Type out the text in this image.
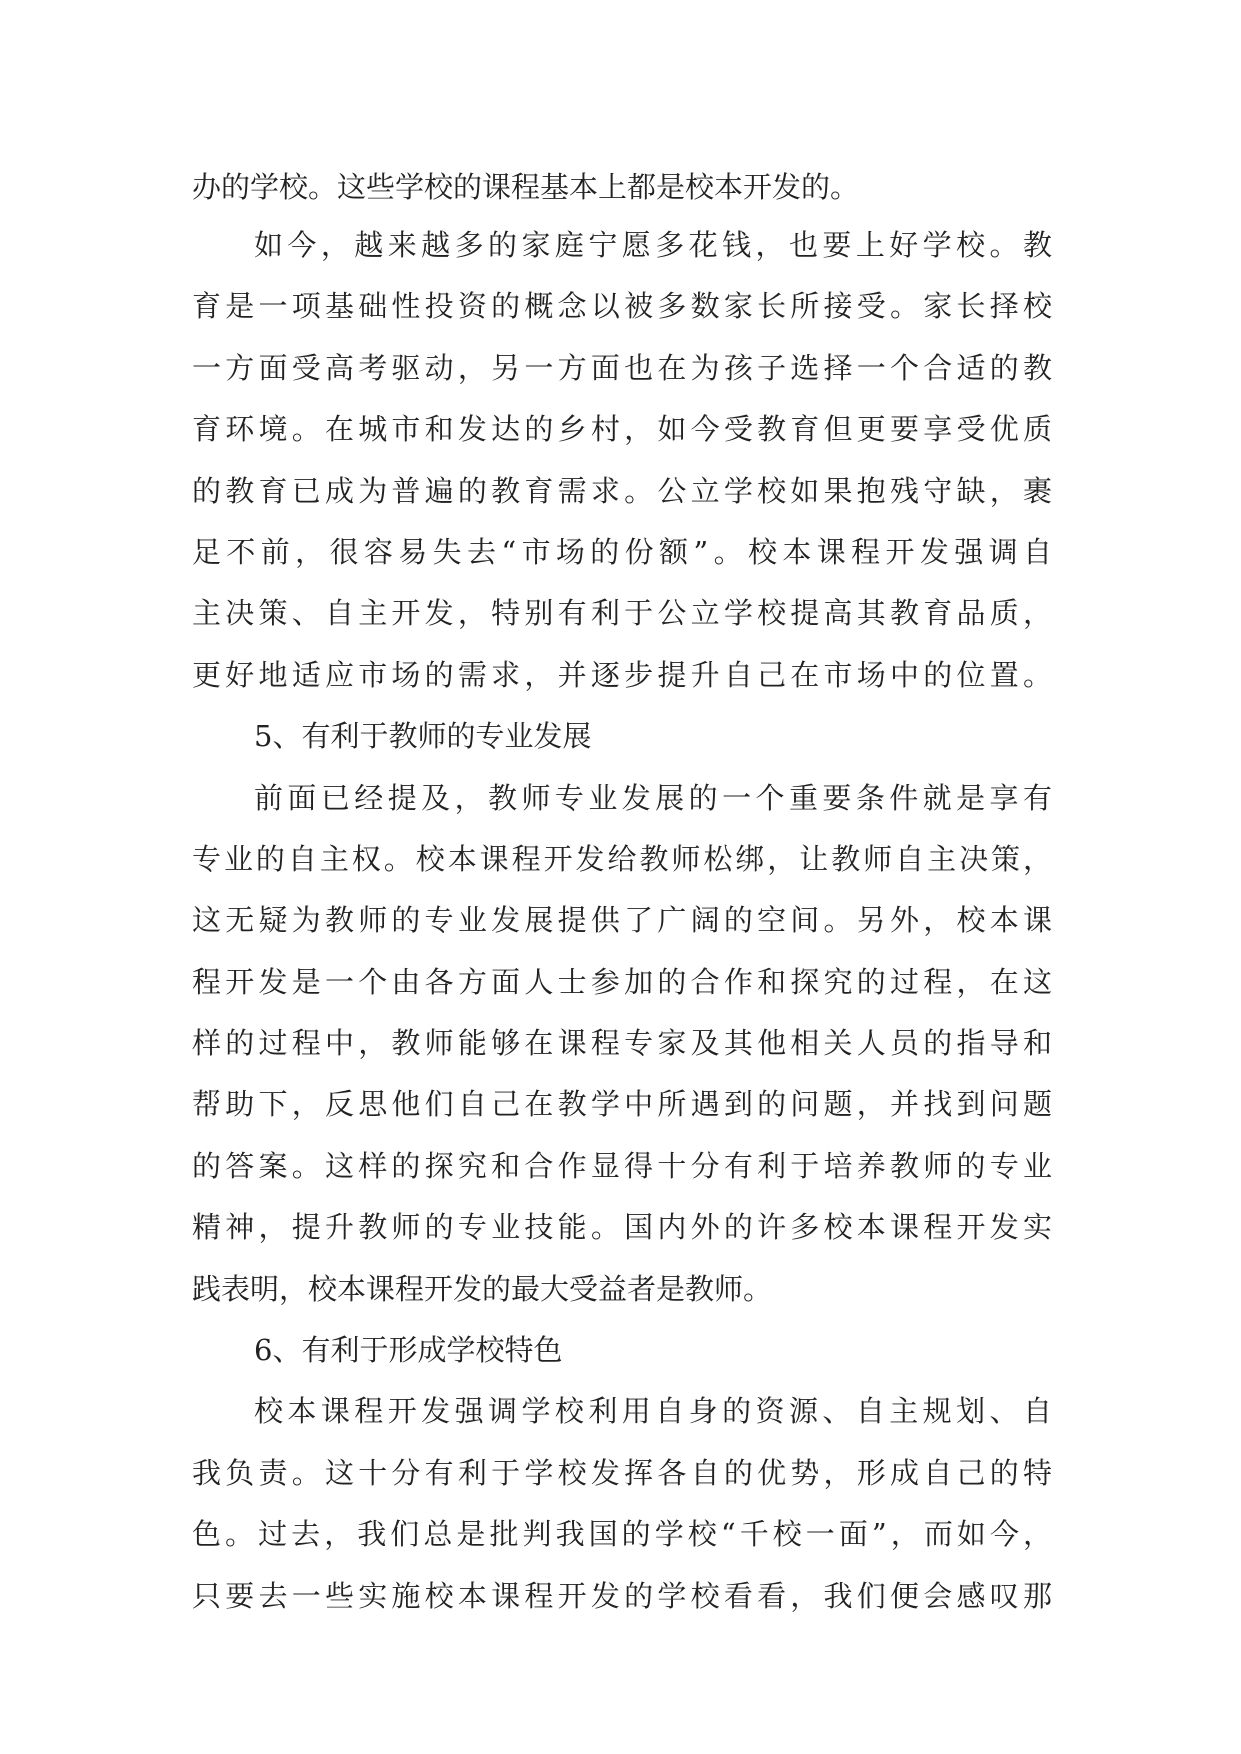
办的学校。这些学校的课程基本上都是校本开发的。
如今，越来越多的家庭宁愿多花钱，也要上好学校。教
育是一项基础性投资的概念以被多数家长所接受。家长择校
一方面受高考驱动，另一方面也在为孩子选择一个合适的教
育环境。在城市和发达的乡村，如今受教育但更要享受优质
的教育已成为普遍的教育需求。公立学校如果抱残守缺，裹
足不前，很容易失去“市场的份额”。校本课程开发强调自
主决策、自主开发，特别有利于公立学校提高其教育品质，
更好地适应市场的需求，并逐步提升自己在市场中的位置。
5、有利于教师的专业发展
前面已经提及，教师专业发展的一个重要条件就是享有
专业的自主权。校本课程开发给教师松绑，让教师自主决策，
这无疑为教师的专业发展提供了广阔的空间。另外，校本课
程开发是一个由各方面人士参加的合作和探究的过程，在这
样的过程中，教师能够在课程专家及其他相关人员的指导和
帮助下，反思他们自己在教学中所遇到的问题，并找到问题
的答案。这样的探究和合作显得十分有利于培养教师的专业
精神，提升教师的专业技能。国内外的许多校本课程开发实
践表明，校本课程开发的最大受益者是教师。
6、有利于形成学校特色
校本课程开发强调学校利用自身的资源、自主规划、自
我负责。这十分有利于学校发挥各自的优势，形成自己的特
色。过去，我们总是批判我国的学校“千校一面”，而如今，
只要去一些实施校本课程开发的学校看看，我们便会感叹那
